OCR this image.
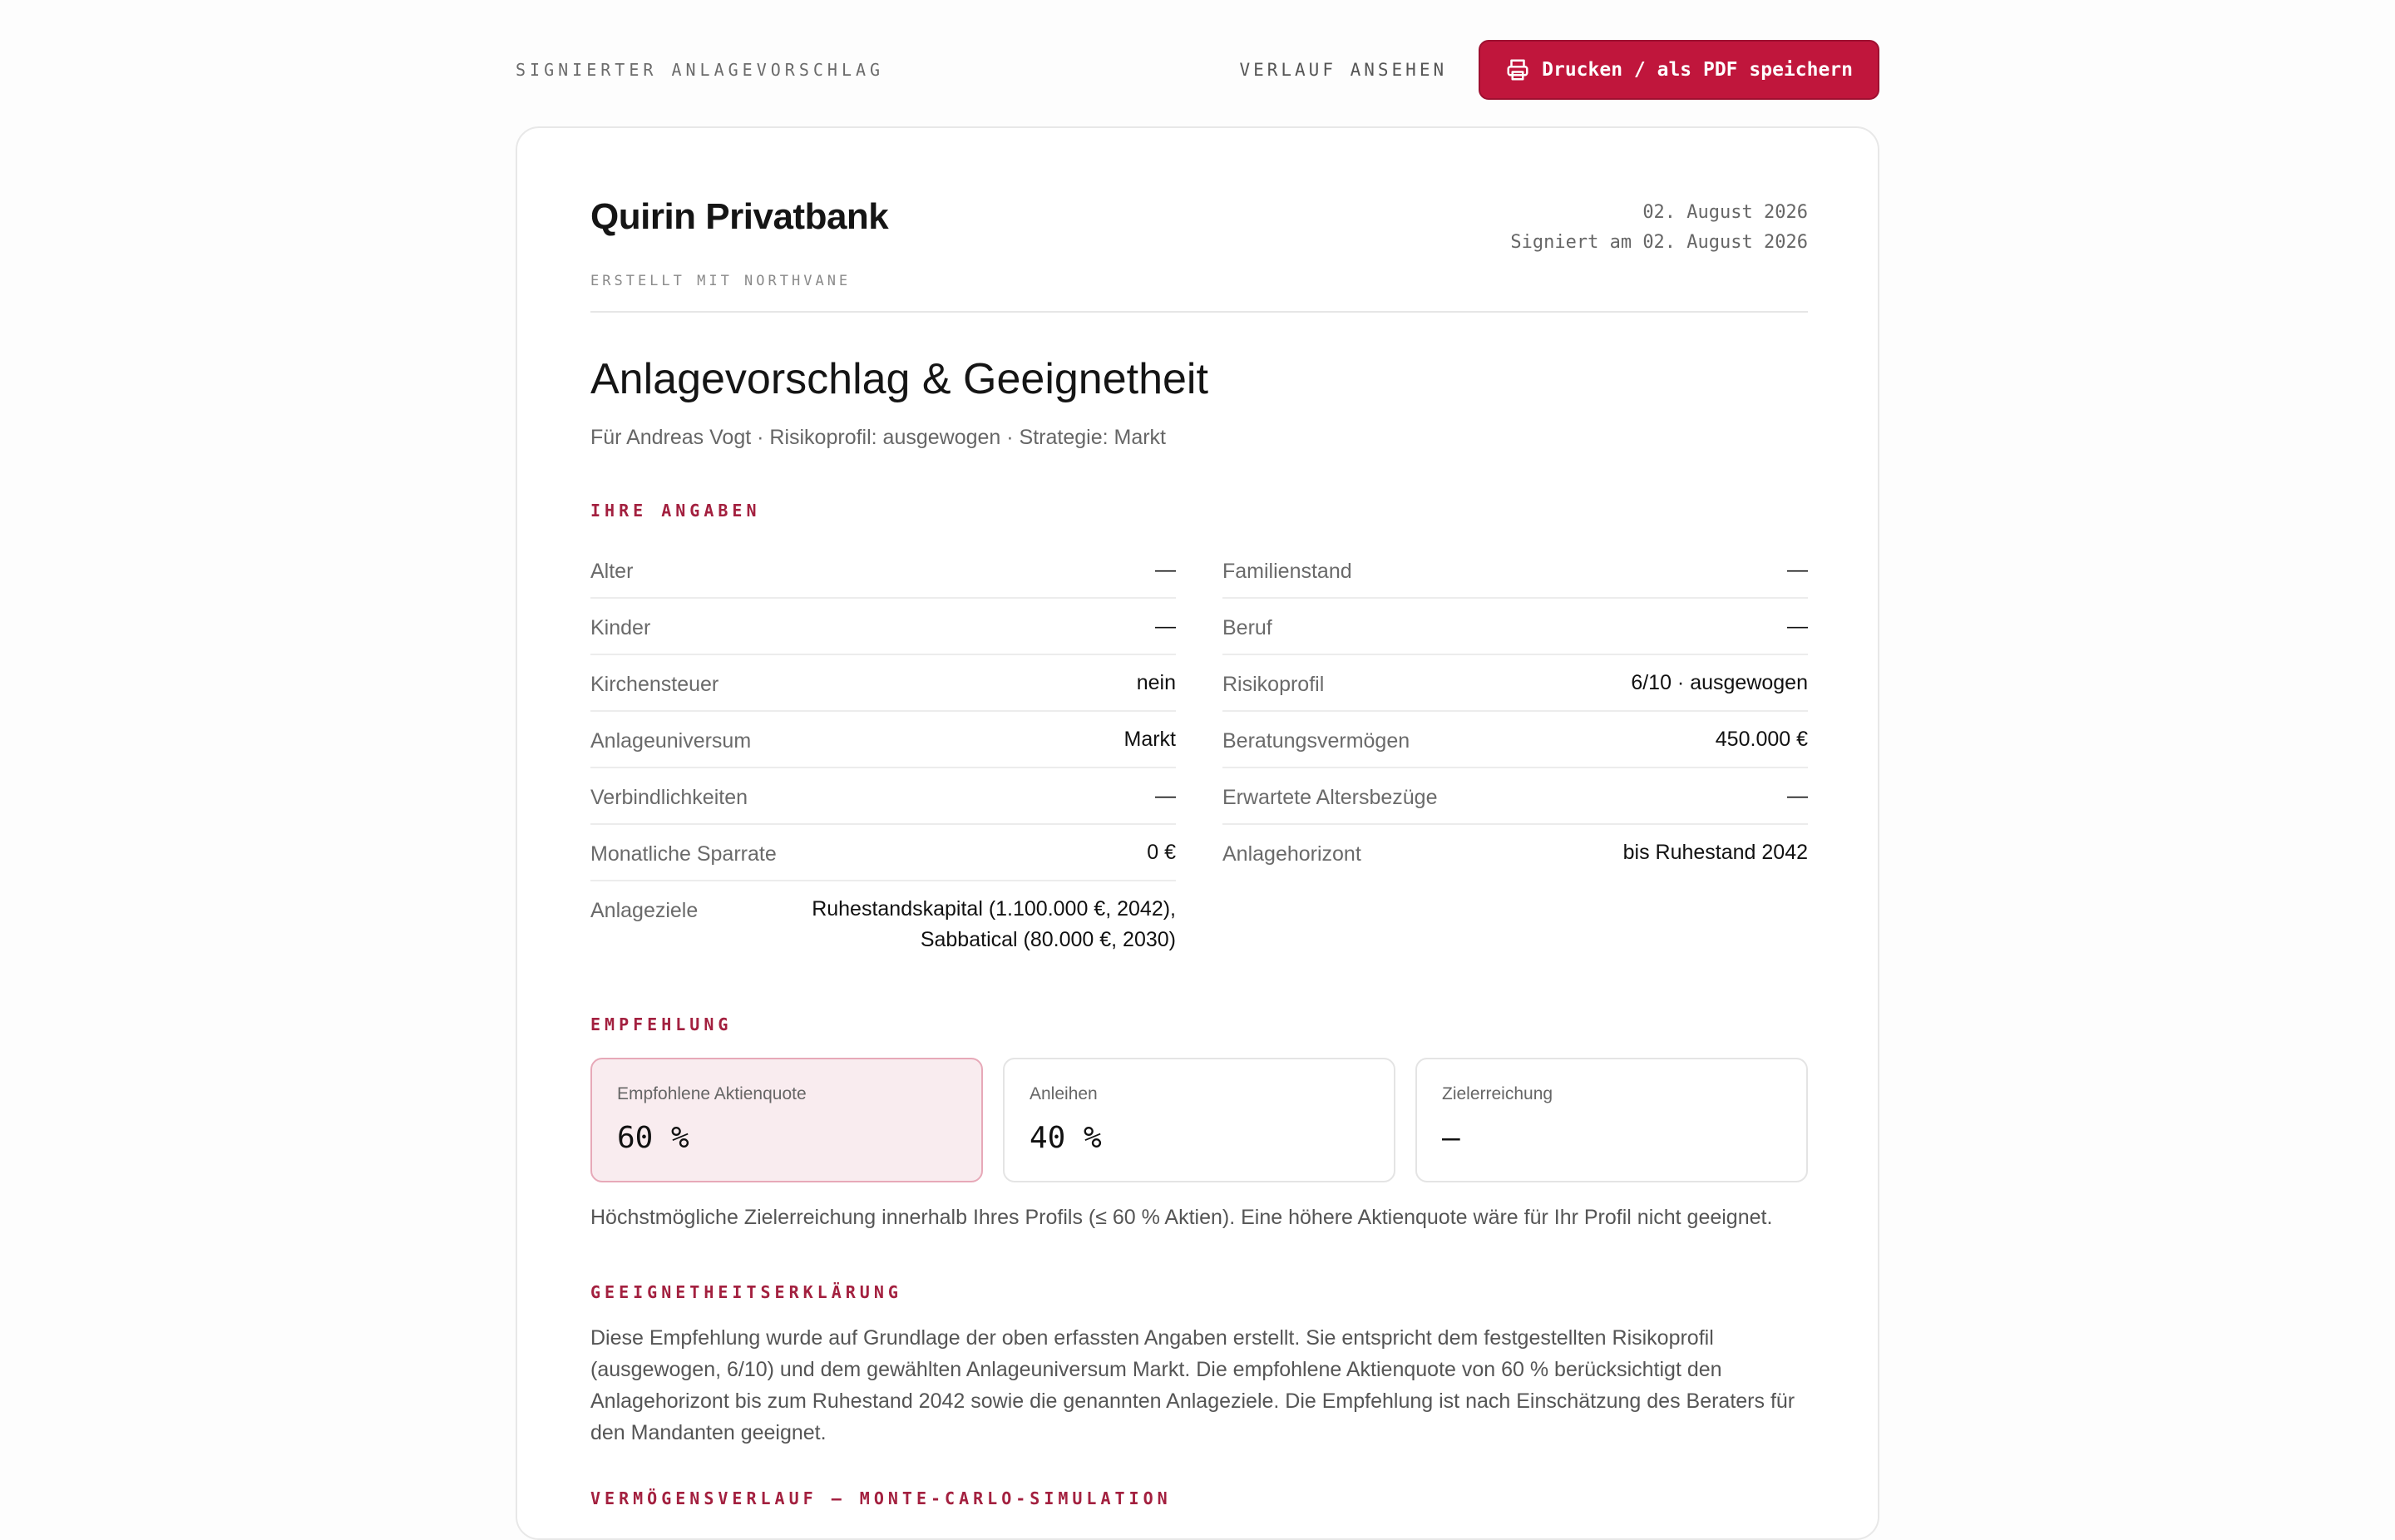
SIGNIERTER ANLAGEVORSCHLAG	VERLAUF ANSEHEN	Drucken / als PDF speichern
Quirin Privatbank
ERSTELLT MIT NORTHVANE
02. August 2026
Signiert am 02. August 2026
Anlagevorschlag & Geeignetheit
Für Andreas Vogt · Risikoprofil: ausgewogen · Strategie: Markt
IHRE ANGABEN
Alter	—
Kinder	—
Kirchensteuer	nein
Anlageuniversum	Markt
Verbindlichkeiten	—
Monatliche Sparrate	0 €
Anlageziele	Ruhestandskapital (1.100.000 €, 2042),
Sabbatical (80.000 €, 2030)
Familienstand	—
Beruf	—
Risikoprofil	6/10 · ausgewogen
Beratungsvermögen	450.000 €
Erwartete Altersbezüge	—
Anlagehorizont	bis Ruhestand 2042
EMPFEHLUNG
Empfohlene Aktienquote
60 %
Anleihen
40 %
Zielerreichung
—
Höchstmögliche Zielerreichung innerhalb Ihres Profils (≤ 60 % Aktien). Eine höhere Aktienquote wäre für Ihr Profil nicht geeignet.
GEEIGNETHEITSERKLÄRUNG

Diese Empfehlung wurde auf Grundlage der oben erfassten Angaben erstellt. Sie entspricht dem festgestellten Risikoprofil (ausgewogen, 6/10) und dem gewählten Anlageuniversum Markt. Die empfohlene Aktienquote von 60 % berücksichtigt den Anlagehorizont bis zum Ruhestand 2042 sowie die genannten Anlageziele. Die Empfehlung ist nach Einschätzung des Beraters für den Mandanten geeignet.

VERMÖGENSVERLAUF – MONTE-CARLO-SIMULATION
